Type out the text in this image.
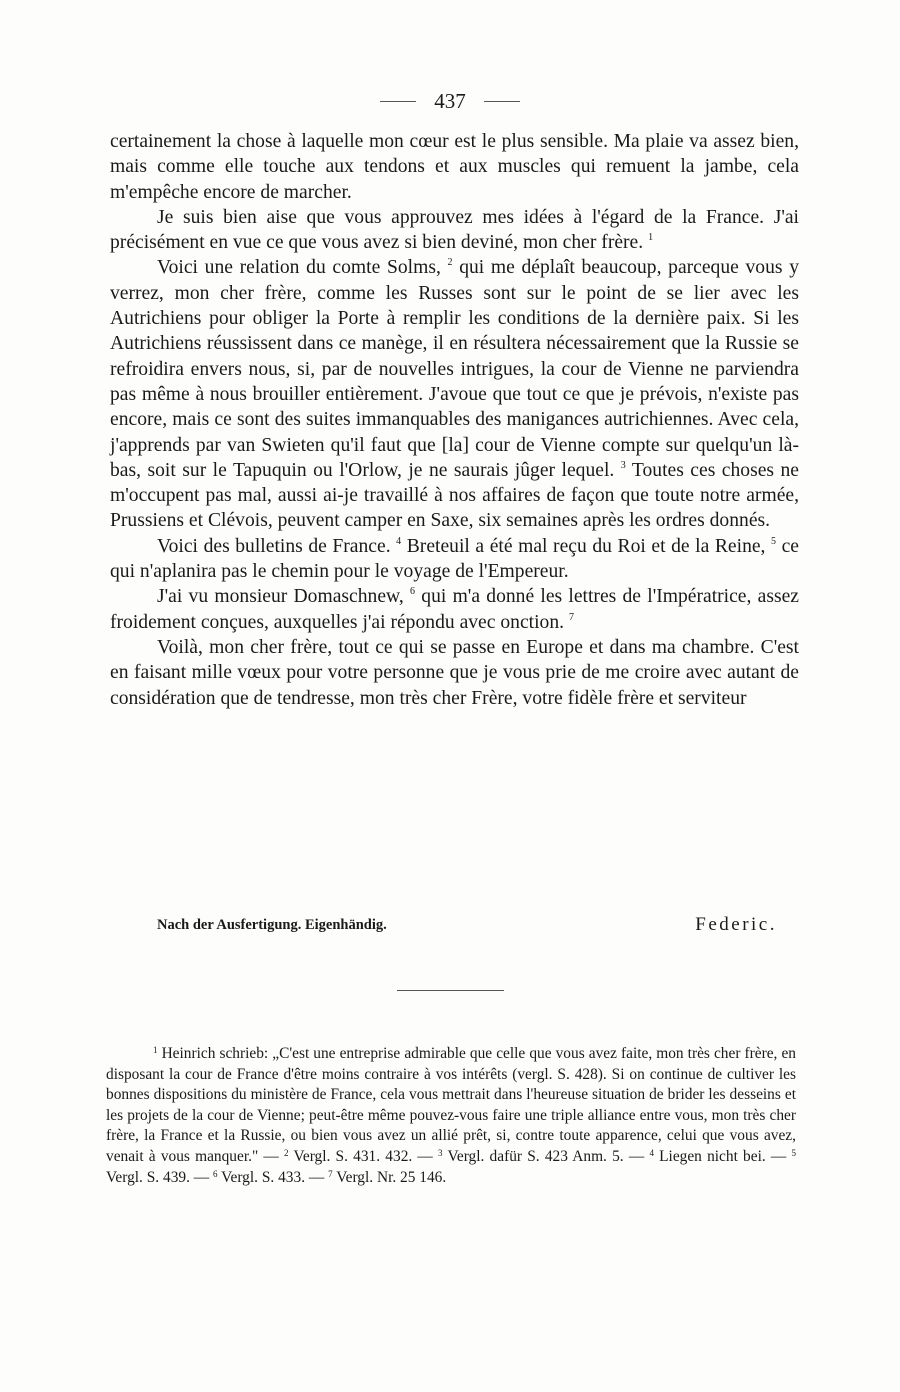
437

certainement la chose à laquelle mon cœur est le plus sensible. Ma plaie va assez bien, mais comme elle touche aux tendons et aux muscles qui remuent la jambe, cela m'empêche encore de marcher.

Je suis bien aise que vous approuvez mes idées à l'égard de la France. J'ai précisément en vue ce que vous avez si bien deviné, mon cher frère. $^1$

Voici une relation du comte Solms, $^2$ qui me déplaît beaucoup, parceque vous y verrez, mon cher frère, comme les Russes sont sur le point de se lier avec les Autrichiens pour obliger la Porte à remplir les conditions de la dernière paix. Si les Autrichiens réussissent dans ce manège, il en résultera nécessairement que la Russie se refroidira envers nous, si, par de nouvelles intrigues, la cour de Vienne ne parviendra pas même à nous brouiller entièrement. J'avoue que tout ce que je prévois, n'existe pas encore, mais ce sont des suites immanquables des manigances autrichiennes. Avec cela, j'apprends par van Swieten qu'il faut que [la] cour de Vienne compte sur quelqu'un là-bas, soit sur le Tapuquin ou l'Orlow, je ne saurais jûger lequel. $^3$ Toutes ces choses ne m'occupent pas mal, aussi ai-je travaillé à nos affaires de façon que toute notre armée, Prussiens et Clévois, peuvent camper en Saxe, six semaines après les ordres donnés.

Voici des bulletins de France. $^4$ Breteuil a été mal reçu du Roi et de la Reine, $^5$ ce qui n'aplanira pas le chemin pour le voyage de l'Empereur.

J'ai vu monsieur Domaschnew, $^6$ qui m'a donné les lettres de l'Impératrice, assez froidement conçues, auxquelles j'ai répondu avec onction. $^7$

Voilà, mon cher frère, tout ce qui se passe en Europe et dans ma chambre. C'est en faisant mille vœux pour votre personne que je vous prie de me croire avec autant de considération que de tendresse, mon très cher Frère, votre fidèle frère et serviteur

Nach der Ausfertigung. Eigenhändig.	Federic.

$^1$ Heinrich schrieb: „C'est une entreprise admirable que celle que vous avez faite, mon très cher frère, en disposant la cour de France d'être moins contraire à vos intérêts (vergl. S. 428). Si on continue de cultiver les bonnes dispositions du ministère de France, cela vous mettrait dans l'heureuse situation de brider les desseins et les projets de la cour de Vienne; peut-être même pouvez-vous faire une triple alliance entre vous, mon très cher frère, la France et la Russie, ou bien vous avez un allié prêt, si, contre toute apparence, celui que vous avez, venait à vous manquer." — $^2$ Vergl. S. 431. 432. — $^3$ Vergl. dafür S. 423 Anm. 5. — $^4$ Liegen nicht bei. — $^5$ Vergl. S. 439. — $^6$ Vergl. S. 433. — $^7$ Vergl. Nr. 25 146.
